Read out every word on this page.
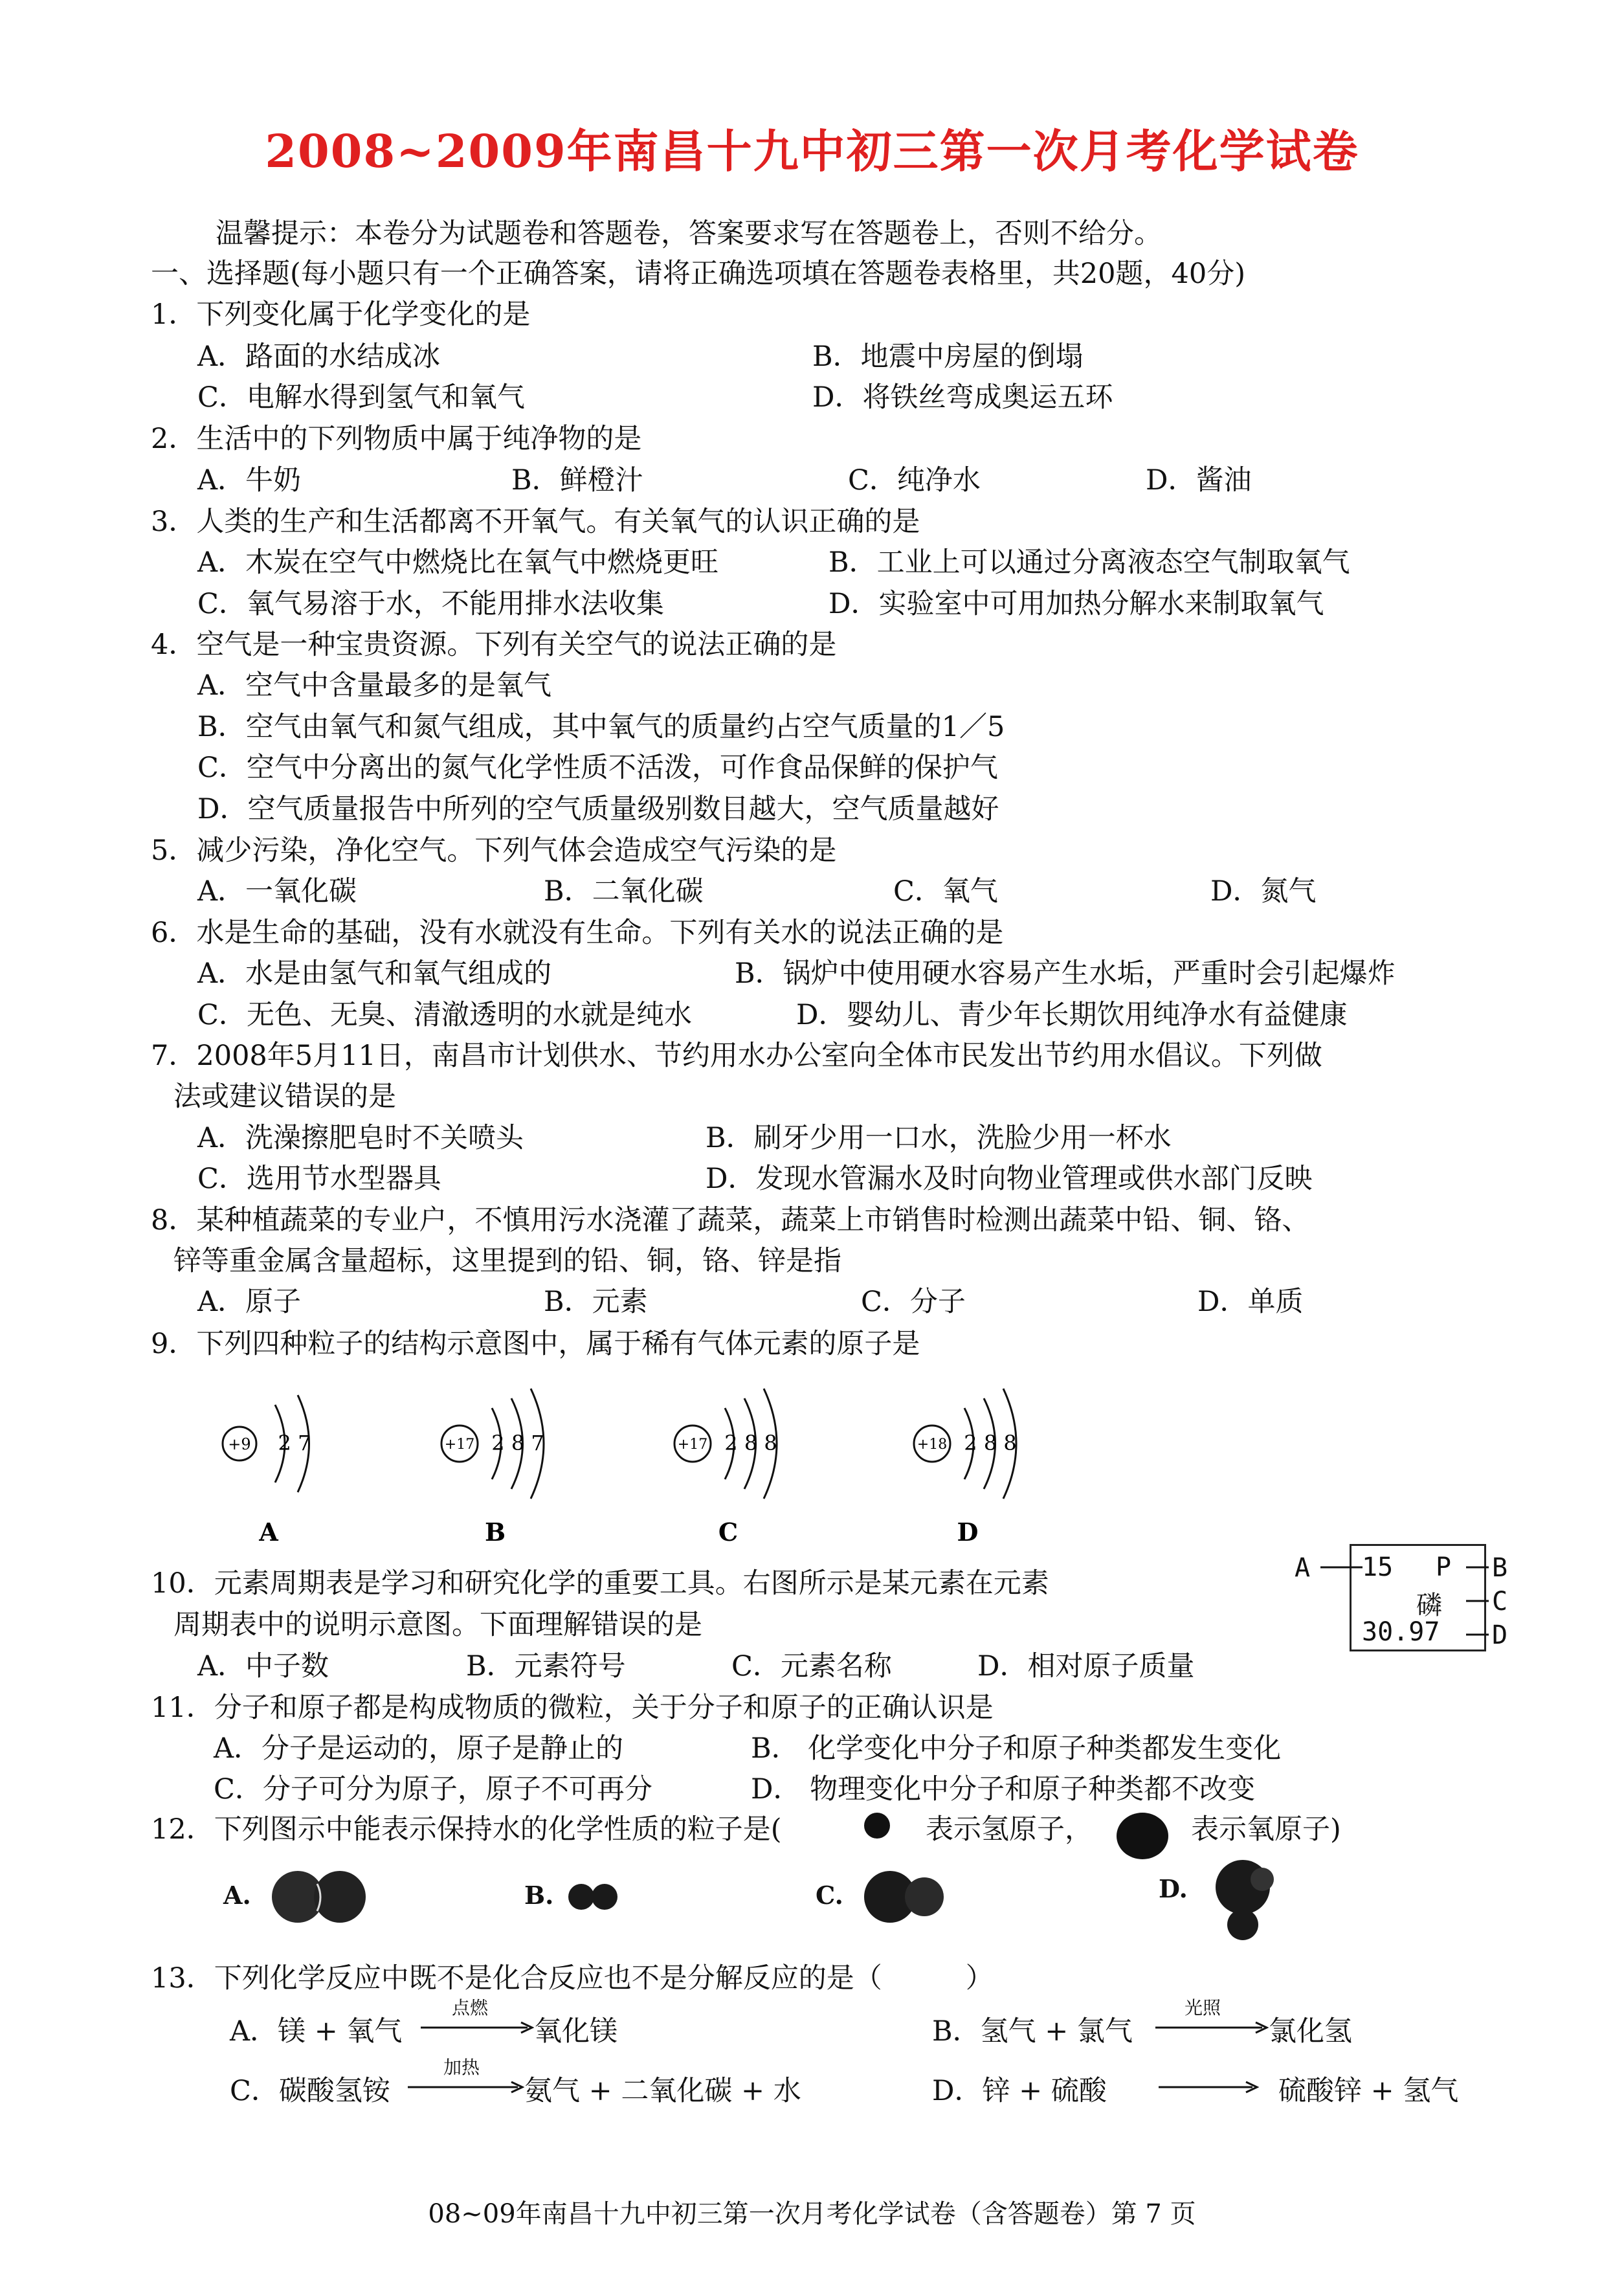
2008~2009年南昌十九中初三第一次月考化学试卷
温馨提示：本卷分为试题卷和答题卷，答案要求写在答题卷上，否则不给分。
一、选择题(每小题只有一个正确答案，请将正确选项填在答题卷表格里，共20题，40分)
1．下列变化属于化学变化的是
A．路面的水结成冰	B．地震中房屋的倒塌
C．电解水得到氢气和氧气	D．将铁丝弯成奥运五环
2．生活中的下列物质中属于纯净物的是
A．牛奶	B．鲜橙汁	C．纯净水	D．酱油
3．人类的生产和生活都离不开氧气。有关氧气的认识正确的是
A．木炭在空气中燃烧比在氧气中燃烧更旺	B．工业上可以通过分离液态空气制取氧气
C．氧气易溶于水，不能用排水法收集	D．实验室中可用加热分解水来制取氧气
4．空气是一种宝贵资源。下列有关空气的说法正确的是
A．空气中含量最多的是氧气
B．空气由氧气和氮气组成，其中氧气的质量约占空气质量的1／5
C．空气中分离出的氮气化学性质不活泼，可作食品保鲜的保护气
D．空气质量报告中所列的空气质量级别数目越大，空气质量越好
5．减少污染，净化空气。下列气体会造成空气污染的是
A．一氧化碳	B．二氧化碳	C．氧气	D．氮气
6．水是生命的基础，没有水就没有生命。下列有关水的说法正确的是
A．水是由氢气和氧气组成的	B．锅炉中使用硬水容易产生水垢，严重时会引起爆炸
C．无色、无臭、清澈透明的水就是纯水	D．婴幼儿、青少年长期饮用纯净水有益健康
7．2008年5月11日，南昌市计划供水、节约用水办公室向全体市民发出节约用水倡议。下列做
法或建议错误的是
A．洗澡擦肥皂时不关喷头	B．刷牙少用一口水，洗脸少用一杯水
C．选用节水型器具	D．发现水管漏水及时向物业管理或供水部门反映
8．某种植蔬菜的专业户，不慎用污水浇灌了蔬菜，蔬菜上市销售时检测出蔬菜中铅、铜、铬、
锌等重金属含量超标，这里提到的铅、铜，铬、锌是指
A．原子	B．元素	C．分子	D．单质
9．下列四种粒子的结构示意图中，属于稀有气体元素的原子是
+9 2 7
A
+17 2 8 7
B
+17 2 8 8
C
+18 2 8 8
D
15 P
磷
30.97
A	B
C
D
10．元素周期表是学习和研究化学的重要工具。右图所示是某元素在元素
周期表中的说明示意图。下面理解错误的是
A．中子数	B．元素符号	C．元素名称	D．相对原子质量
11．分子和原子都是构成物质的微粒，关于分子和原子的正确认识是
A．分子是运动的，原子是静止的	B． 化学变化中分子和原子种类都发生变化
C．分子可分为原子，原子不可再分	D． 物理变化中分子和原子种类都不改变
12．下列图示中能表示保持水的化学性质的粒子是(	表示氢原子，	表示氧原子)
A.	B.	C.	D.
13．下列化学反应中既不是化合反应也不是分解反应的是（　　　）
A．镁 + 氧气
点燃
氧化镁	B．氢气 + 氯气
光照
氯化氢
C．碳酸氢铵
加热
氨气 + 二氧化碳 + 水	D．锌 + 硫酸	硫酸锌 + 氢气
08~09年南昌十九中初三第一次月考化学试卷（含答题卷）第 7 页
